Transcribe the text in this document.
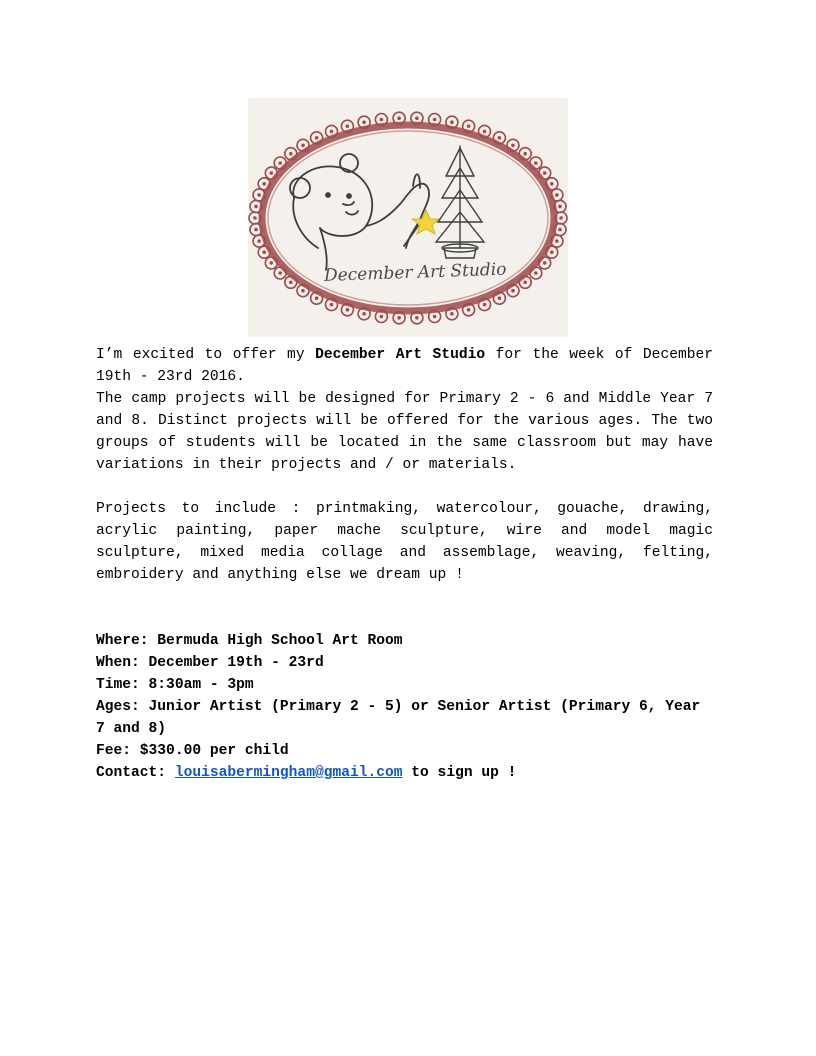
December Art Studio

I’m excited to offer my December Art Studio for the week of December 19th - 23rd 2016.

The camp projects will be designed for Primary 2 - 6 and Middle Year 7 and 8. Distinct projects will be offered for the various ages. The two groups of students will be located in the same classroom but may have variations in their projects and / or materials.

Projects to include : printmaking, watercolour, gouache, drawing, acrylic painting, paper mache sculpture, wire and model magic sculpture, mixed media collage and assemblage, weaving, felting, embroidery and anything else we dream up !

Where: Bermuda High School Art Room

When: December 19th - 23rd

Time: 8:30am - 3pm

Ages: Junior Artist (Primary 2 - 5) or Senior Artist (Primary 6, Year 7 and 8)

Fee: $330.00 per child

Contact: louisabermingham@gmail.com to sign up !
